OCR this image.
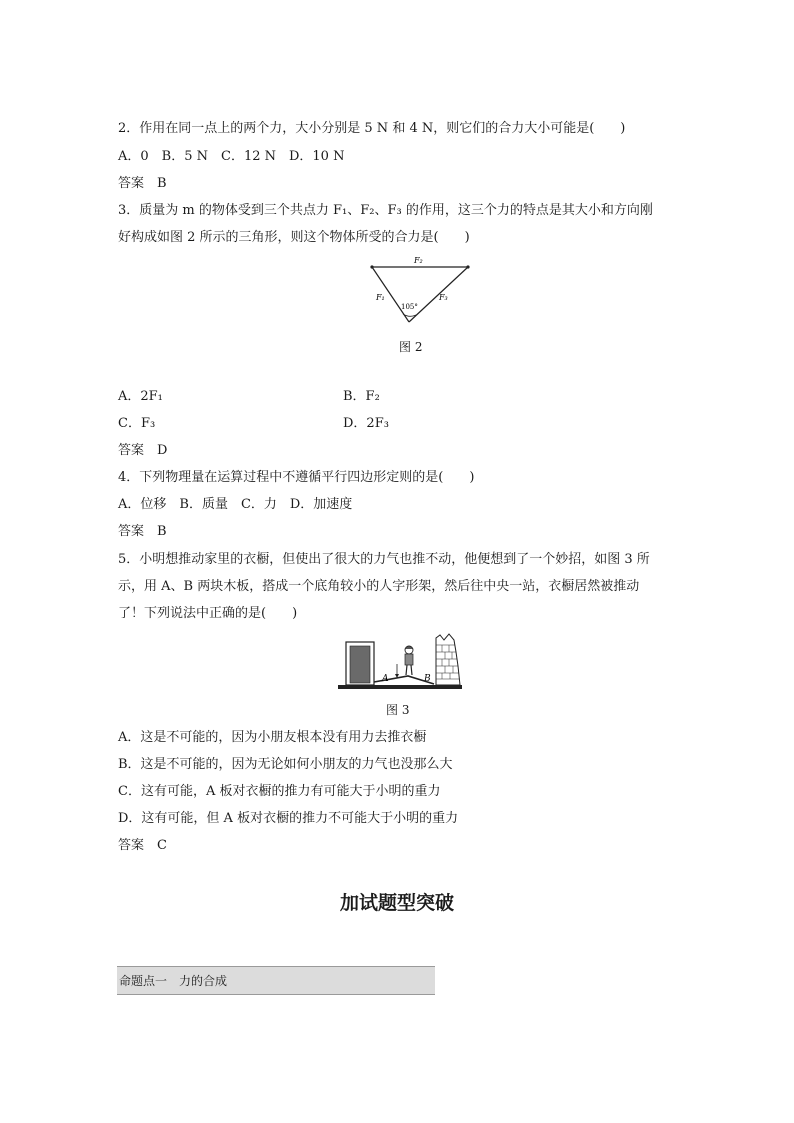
2．作用在同一点上的两个力，大小分别是 5 N 和 4 N，则它们的合力大小可能是(　　)
A．0　B．5 N　C．12 N　D．10 N
答案　B
3．质量为 m 的物体受到三个共点力 F₁、F₂、F₃ 的作用，这三个力的特点是其大小和方向刚
好构成如图 2 所示的三角形，则这个物体所受的合力是(　　)
F₂
F₁	F₃
105°
图 2
A．2F₁	B．F₂
C．F₃	D．2F₃
答案　D
4．下列物理量在运算过程中不遵循平行四边形定则的是(　　)
A．位移　B．质量　C．力　D．加速度
答案　B
5．小明想推动家里的衣橱，但使出了很大的力气也推不动，他便想到了一个妙招，如图 3 所
示，用 A、B 两块木板，搭成一个底角较小的人字形架，然后往中央一站，衣橱居然被推动
了！下列说法中正确的是(　　)
A	B
图 3
A．这是不可能的，因为小朋友根本没有用力去推衣橱
B．这是不可能的，因为无论如何小朋友的力气也没那么大
C．这有可能，A 板对衣橱的推力有可能大于小明的重力
D．这有可能，但 A 板对衣橱的推力不可能大于小明的重力
答案　C
加试题型突破
命题点一　力的合成
